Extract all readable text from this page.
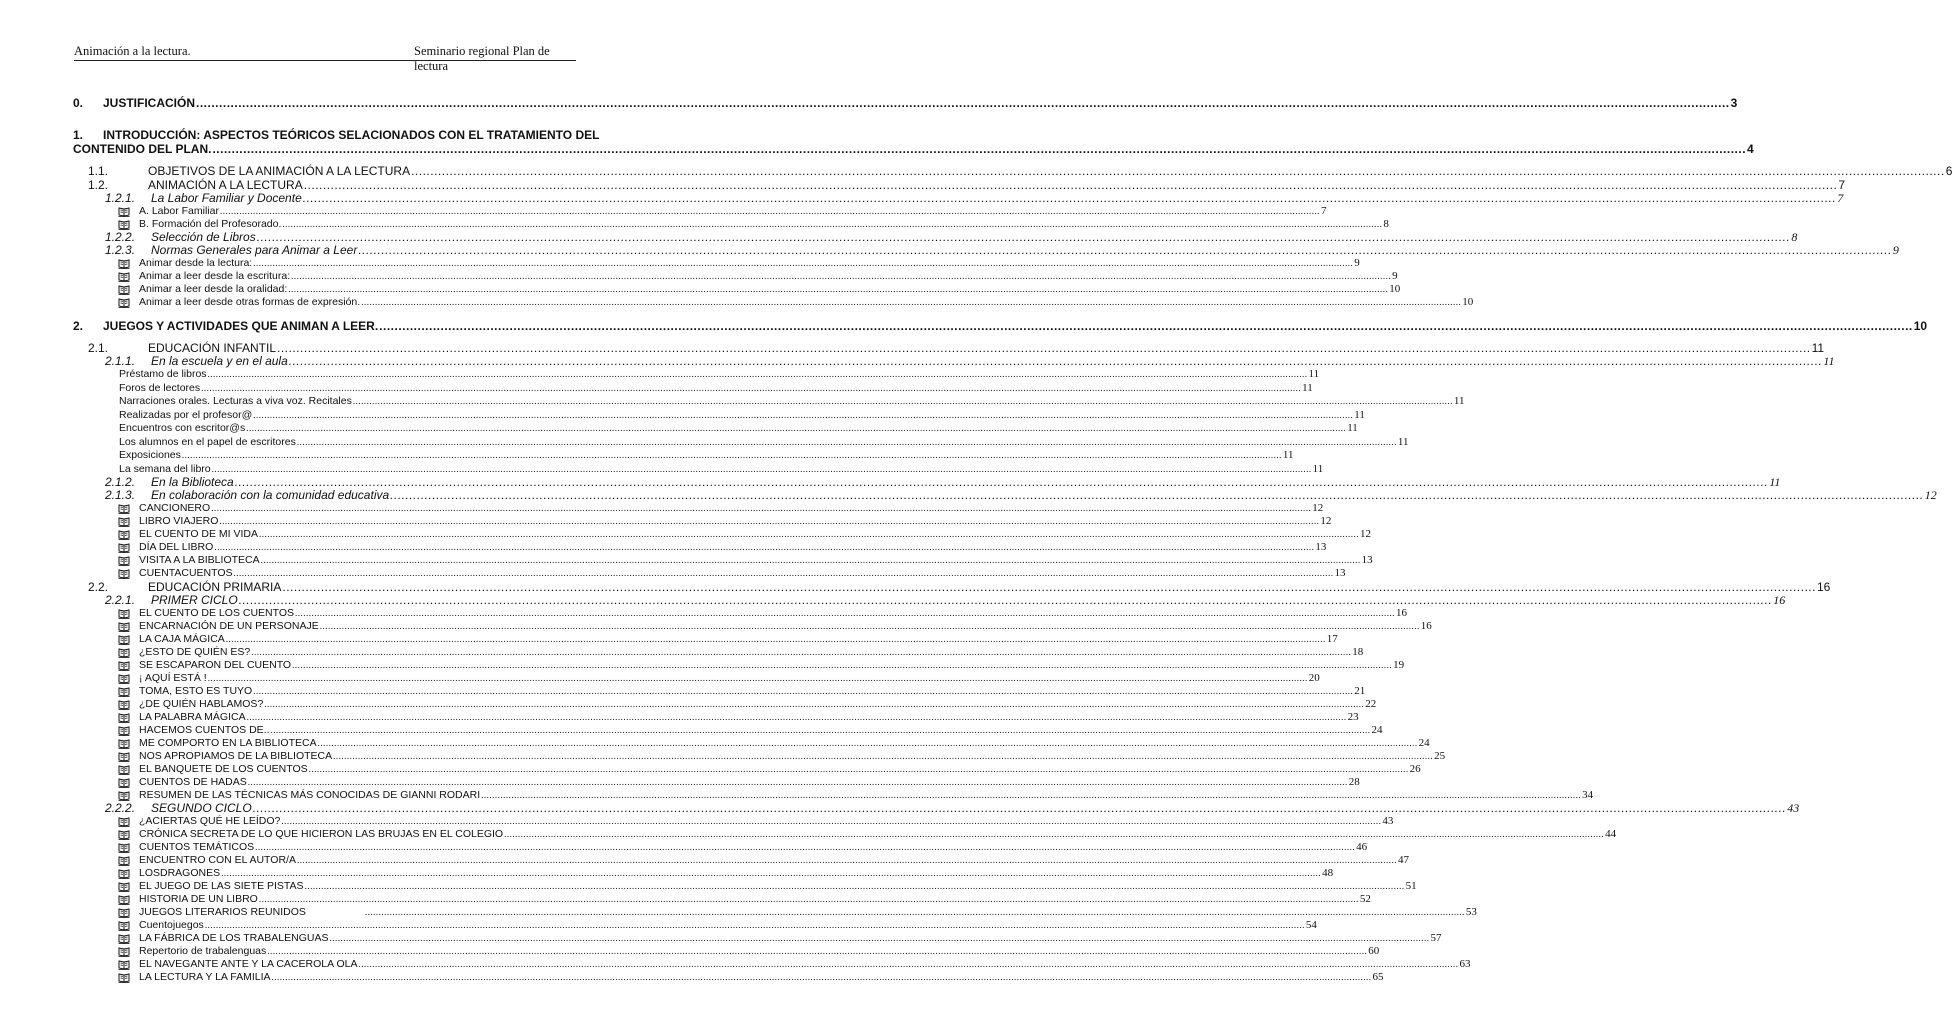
Animación a la lectura.	Seminario regional Plan de lectura
0.	JUSTIFICACIÓN ................................................................................................................................................................................................................................................................................................................................................................................................................ 3
1.	INTRODUCCIÓN: ASPECTOS TEÓRICOS SELACIONADOS CON EL TRATAMIENTO DEL
CONTENIDO DEL PLAN. ................................................................................................................................................................................................................................................................................................................................................................................................................ 4
1.1.	OBJETIVOS DE LA ANIMACIÓN A LA LECTURA ................................................................................................................................................................................................................................................................................................................................................................................................................ 6
1.2.	ANIMACIÓN A LA LECTURA ................................................................................................................................................................................................................................................................................................................................................................................................................ 7
1.2.1.	La Labor Familiar y Docente ................................................................................................................................................................................................................................................................................................................................................................................................................ 7
A. Labor Familiar ................................................................................................................................................................................................................................................................................................................................................................................................................ 7
B. Formación del Profesorado. ................................................................................................................................................................................................................................................................................................................................................................................................................ 8
1.2.2.	Selección de Libros ................................................................................................................................................................................................................................................................................................................................................................................................................ 8
1.2.3.	Normas Generales para Animar a Leer ................................................................................................................................................................................................................................................................................................................................................................................................................ 9
Animar desde la lectura: ................................................................................................................................................................................................................................................................................................................................................................................................................ 9
Animar a leer desde la escritura: ................................................................................................................................................................................................................................................................................................................................................................................................................ 9
Animar a leer desde la oralidad: ................................................................................................................................................................................................................................................................................................................................................................................................................ 10
Animar a leer desde otras formas de expresión. ................................................................................................................................................................................................................................................................................................................................................................................................................ 10
2.	JUEGOS Y ACTIVIDADES QUE ANIMAN A LEER. ................................................................................................................................................................................................................................................................................................................................................................................................................ 10
2.1.	EDUCACIÓN INFANTIL ................................................................................................................................................................................................................................................................................................................................................................................................................ 11
2.1.1.	En la escuela y en el aula ................................................................................................................................................................................................................................................................................................................................................................................................................ 11
Préstamo de libros ................................................................................................................................................................................................................................................................................................................................................................................................................ 11
Foros de lectores ................................................................................................................................................................................................................................................................................................................................................................................................................ 11
Narraciones orales. Lecturas a viva voz. Recitales ................................................................................................................................................................................................................................................................................................................................................................................................................ 11
Realizadas por el profesor@ ................................................................................................................................................................................................................................................................................................................................................................................................................ 11
Encuentros con escritor@s ................................................................................................................................................................................................................................................................................................................................................................................................................ 11
Los alumnos en el papel de escritores ................................................................................................................................................................................................................................................................................................................................................................................................................ 11
Exposiciones ................................................................................................................................................................................................................................................................................................................................................................................................................ 11
La semana del libro ................................................................................................................................................................................................................................................................................................................................................................................................................ 11
2.1.2.	En la Biblioteca ................................................................................................................................................................................................................................................................................................................................................................................................................ 11
2.1.3.	En colaboración con la comunidad educativa ................................................................................................................................................................................................................................................................................................................................................................................................................ 12
CANCIONERO ................................................................................................................................................................................................................................................................................................................................................................................................................ 12
LIBRO VIAJERO ................................................................................................................................................................................................................................................................................................................................................................................................................ 12
EL CUENTO DE MI VIDA ................................................................................................................................................................................................................................................................................................................................................................................................................ 12
DÍA DEL LIBRO ................................................................................................................................................................................................................................................................................................................................................................................................................ 13
VISITA A LA BIBLIOTECA ................................................................................................................................................................................................................................................................................................................................................................................................................ 13
CUENTACUENTOS ................................................................................................................................................................................................................................................................................................................................................................................................................ 13
2.2.	EDUCACIÓN PRIMARIA ................................................................................................................................................................................................................................................................................................................................................................................................................ 16
2.2.1.	PRIMER CICLO ................................................................................................................................................................................................................................................................................................................................................................................................................ 16
EL CUENTO DE LOS CUENTOS ................................................................................................................................................................................................................................................................................................................................................................................................................ 16
ENCARNACIÓN DE UN PERSONAJE ................................................................................................................................................................................................................................................................................................................................................................................................................ 16
LA CAJA MÁGICA ................................................................................................................................................................................................................................................................................................................................................................................................................ 17
¿ESTO DE QUIÉN ES? ................................................................................................................................................................................................................................................................................................................................................................................................................ 18
SE ESCAPARON DEL CUENTO ................................................................................................................................................................................................................................................................................................................................................................................................................ 19
¡ AQUÍ ESTÁ ! ................................................................................................................................................................................................................................................................................................................................................................................................................ 20
TOMA, ESTO ES TUYO ................................................................................................................................................................................................................................................................................................................................................................................................................ 21
¿DE QUIÉN HABLAMOS? ................................................................................................................................................................................................................................................................................................................................................................................................................ 22
LA PALABRA MÁGICA ................................................................................................................................................................................................................................................................................................................................................................................................................ 23
HACEMOS CUENTOS DE.. ................................................................................................................................................................................................................................................................................................................................................................................................................ 24
ME COMPORTO EN LA BIBLIOTECA ................................................................................................................................................................................................................................................................................................................................................................................................................ 24
NOS APROPIAMOS DE LA BIBLIOTECA ................................................................................................................................................................................................................................................................................................................................................................................................................ 25
EL BANQUETE DE LOS CUENTOS ................................................................................................................................................................................................................................................................................................................................................................................................................ 26
CUENTOS DE HADAS ................................................................................................................................................................................................................................................................................................................................................................................................................ 28
RESUMEN DE LAS TÉCNICAS MÁS CONOCIDAS DE GIANNI RODARI ................................................................................................................................................................................................................................................................................................................................................................................................................ 34
2.2.2.	SEGUNDO CICLO ................................................................................................................................................................................................................................................................................................................................................................................................................ 43
¿ACIERTAS QUÉ HE LEÍDO? ................................................................................................................................................................................................................................................................................................................................................................................................................ 43
CRÓNICA SECRETA DE LO QUE HICIERON LAS BRUJAS EN EL COLEGIO ................................................................................................................................................................................................................................................................................................................................................................................................................ 44
CUENTOS TEMÁTICOS ................................................................................................................................................................................................................................................................................................................................................................................................................ 46
ENCUENTRO CON EL AUTOR/A ................................................................................................................................................................................................................................................................................................................................................................................................................ 47
LOSDRAGONES ................................................................................................................................................................................................................................................................................................................................................................................................................ 48
EL JUEGO DE LAS SIETE PISTAS ................................................................................................................................................................................................................................................................................................................................................................................................................ 51
HISTORIA DE UN LIBRO ................................................................................................................................................................................................................................................................................................................................................................................................................ 52
JUEGOS LITERARIOS REUNIDOS	................................................................................................................................................................................................................................................................................................................................................................................................................ 53
Cuentojuegos ................................................................................................................................................................................................................................................................................................................................................................................................................ 54
LA FÁBRICA DE LOS TRABALENGUAS ................................................................................................................................................................................................................................................................................................................................................................................................................ 57
Repertorio de trabalenguas ................................................................................................................................................................................................................................................................................................................................................................................................................ 60
EL NAVEGANTE ANTE Y LA CACEROLA OLA ................................................................................................................................................................................................................................................................................................................................................................................................................ 63
LA LECTURA Y LA FAMILIA ................................................................................................................................................................................................................................................................................................................................................................................................................ 65
